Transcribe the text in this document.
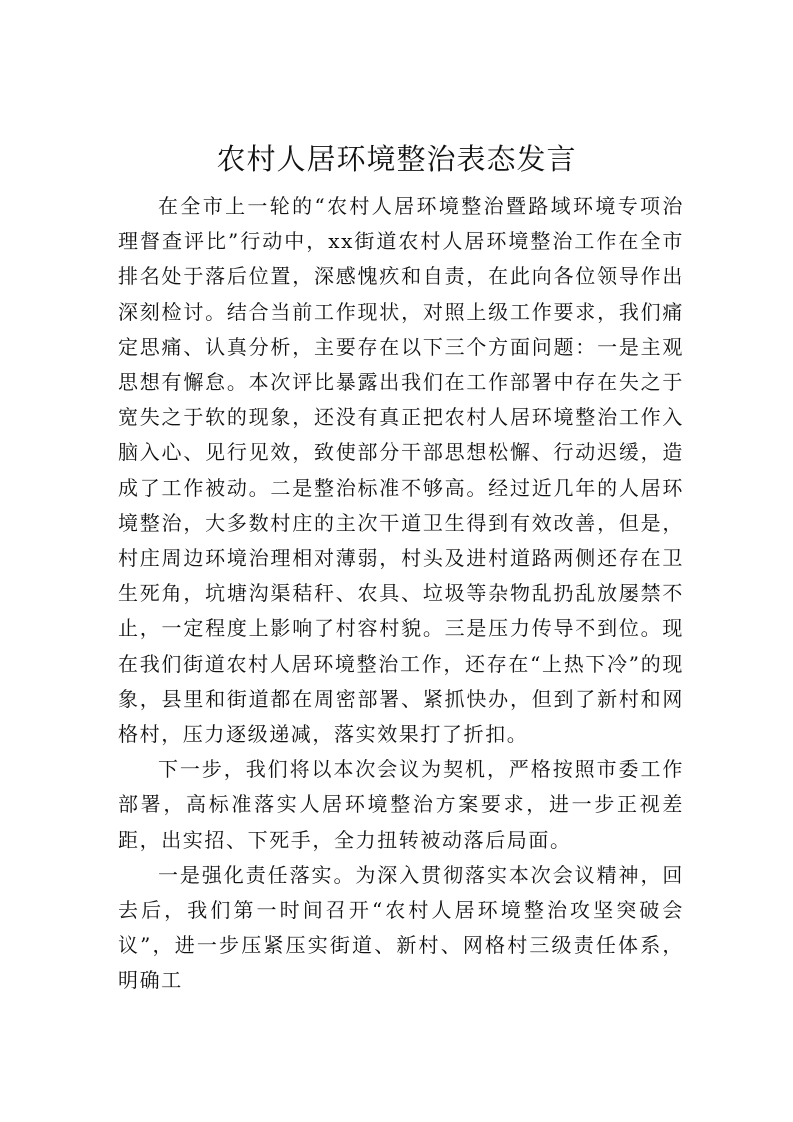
农村人居环境整治表态发言

在全市上一轮的“农村人居环境整治暨路域环境专项治理督查评比”行动中，xx街道农村人居环境整治工作在全市排名处于落后位置，深感愧疚和自责，在此向各位领导作出深刻检讨。结合当前工作现状，对照上级工作要求，我们痛定思痛、认真分析，主要存在以下三个方面问题：一是主观思想有懈怠。本次评比暴露出我们在工作部署中存在失之于宽失之于软的现象，还没有真正把农村人居环境整治工作入脑入心、见行见效，致使部分干部思想松懈、行动迟缓，造成了工作被动。二是整治标准不够高。经过近几年的人居环境整治，大多数村庄的主次干道卫生得到有效改善，但是，村庄周边环境治理相对薄弱，村头及进村道路两侧还存在卫生死角，坑塘沟渠秸秆、农具、垃圾等杂物乱扔乱放屡禁不止，一定程度上影响了村容村貌。三是压力传导不到位。现在我们街道农村人居环境整治工作，还存在“上热下冷”的现象，县里和街道都在周密部署、紧抓快办，但到了新村和网格村，压力逐级递减，落实效果打了折扣。

下一步，我们将以本次会议为契机，严格按照市委工作部署，高标准落实人居环境整治方案要求，进一步正视差距，出实招、下死手，全力扭转被动落后局面。

一是强化责任落实。为深入贯彻落实本次会议精神，回去后，我们第一时间召开“农村人居环境整治攻坚突破会议”，进一步压紧压实街道、新村、网格村三级责任体系，明确工
